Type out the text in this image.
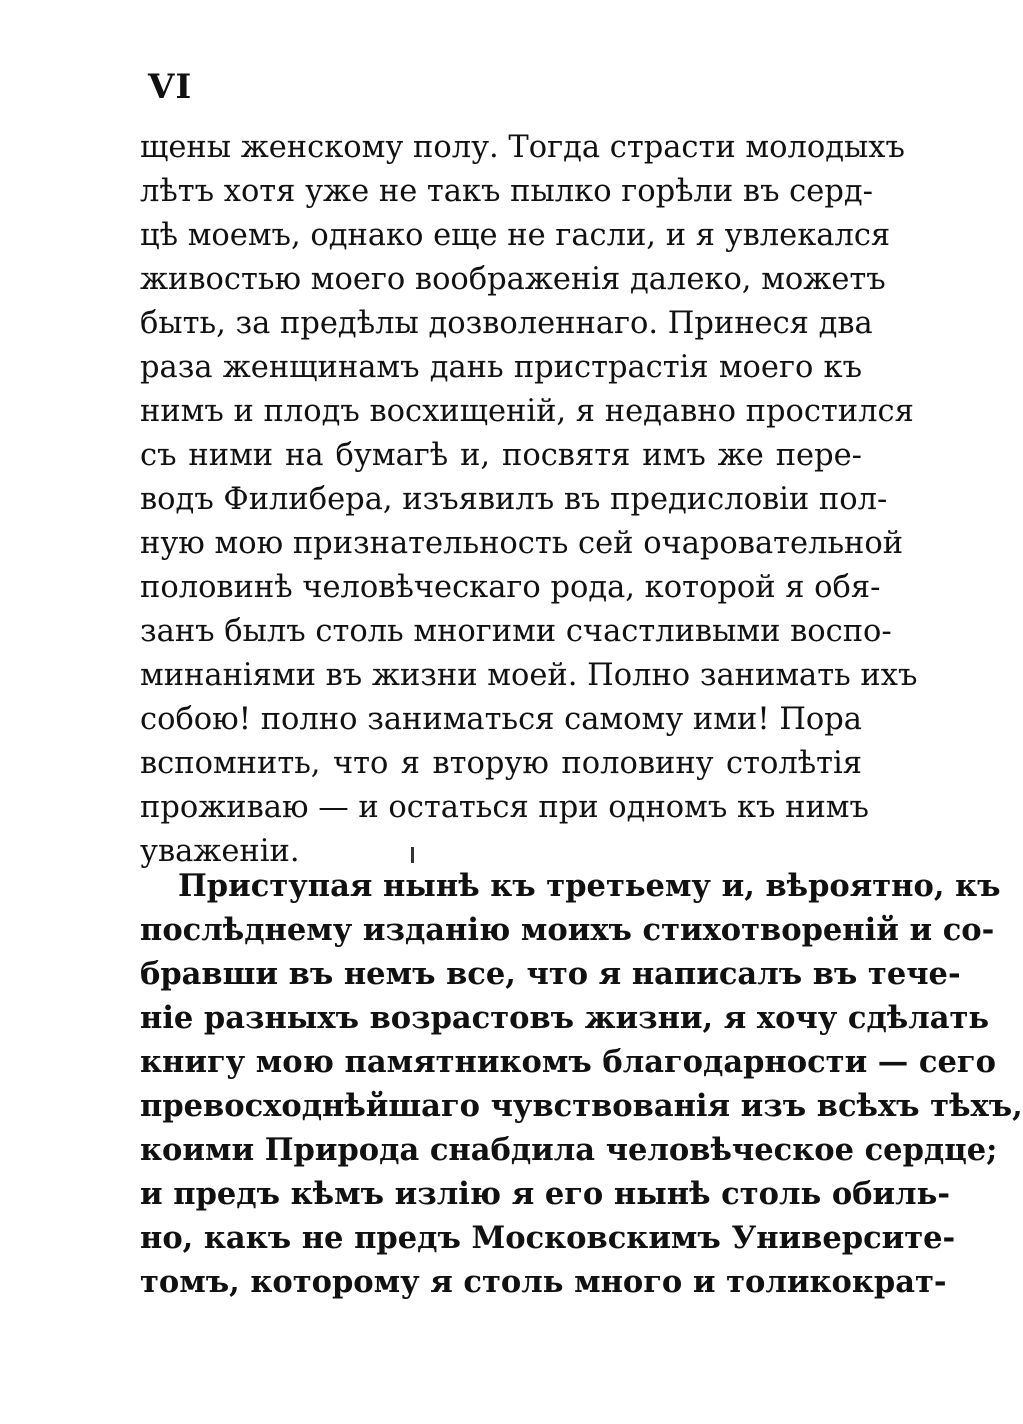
VI
щены женскому полу. Тогда страсти молодыхъ
лѣтъ хотя уже не такъ пылко горѣли въ серд-
цѣ моемъ, однако еще не гасли, и я увлекался
живостью моего воображенія далеко, можетъ
быть, за предѣлы дозволеннаго. Принеся два
раза женщинамъ дань пристрастія моего къ
нимъ и плодъ восхищеній, я недавно простился
съ ними на бумагѣ и, посвятя имъ же пере-
водъ Филибера, изъявилъ въ предисловіи пол-
ную мою признательность сей очаровательной
половинѣ человѣческаго рода, которой я обя-
занъ былъ столь многими счастливыми воспо-
минаніями въ жизни моей. Полно занимать ихъ
собою! полно заниматься самому ими! Пора
вспомнить, что я вторую половину столѣтія
проживаю — и остаться при одномъ къ нимъ
уваженіи.
Приступая нынѣ къ третьему и, вѣроятно, къ
послѣднему изданію моихъ стихотвореній и со-
бравши въ немъ все, что я написалъ въ тече-
ніе разныхъ возрастовъ жизни, я хочу сдѣлать
книгу мою памятникомъ благодарности — сего
превосходнѣйшаго чувствованія изъ всѣхъ тѣхъ,
коими Природа снабдила человѣческое сердце;
и предъ кѣмъ излію я его нынѣ столь обиль-
но, какъ не предъ Московскимъ Университе-
томъ, которому я столь много и толикократ-
